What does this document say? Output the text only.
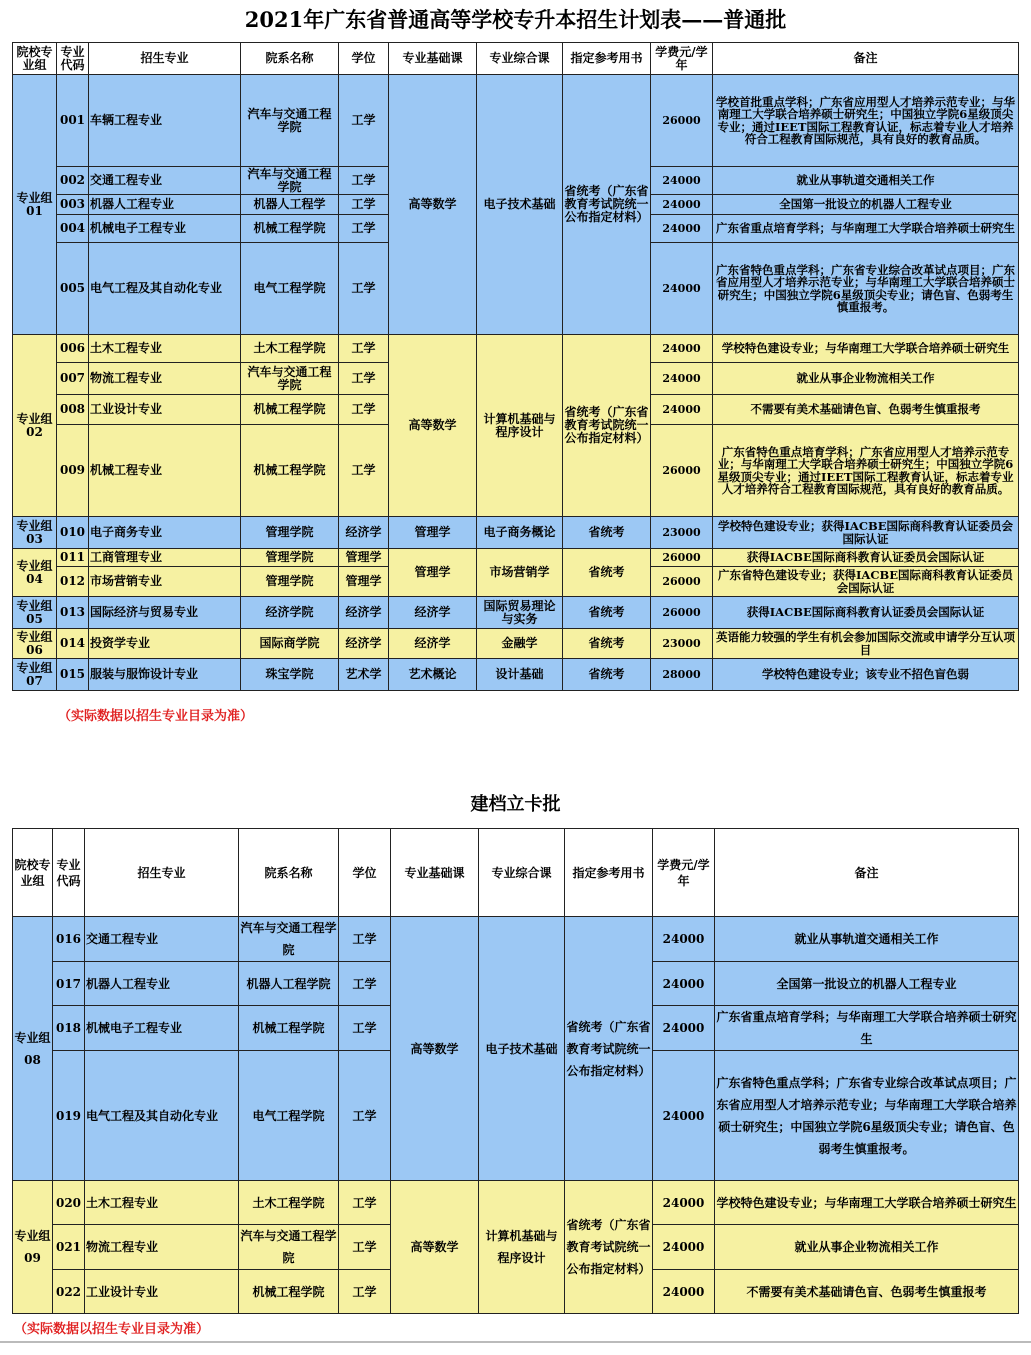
2021年广东省普通高等学校专升本招生计划表——普通批
院校专业组	专业代码	招生专业	院系名称	学位	专业基础课	专业综合课	指定参考用书	学费元/学年	备注
专业组01	001	车辆工程专业	汽车与交通工程学院	工学	高等数学	电子技术基础	省统考（广东省教育考试院统一公布指定材料）	26000	学校首批重点学科；广东省应用型人才培养示范专业；与华南理工大学联合培养硕士研究生；中国独立学院6星级顶尖专业；通过IEET国际工程教育认证，标志着专业人才培养符合工程教育国际规范，具有良好的教育品质。
	002	交通工程专业	汽车与交通工程学院	工学				24000	就业从事轨道交通相关工作
	003	机器人工程专业	机器人工程学	工学				24000	全国第一批设立的机器人工程专业
	004	机械电子工程专业	机械工程学院	工学				24000	广东省重点培育学科；与华南理工大学联合培养硕士研究生
	005	电气工程及其自动化专业	电气工程学院	工学				24000	广东省特色重点学科；广东省专业综合改革试点项目；广东省应用型人才培养示范专业；与华南理工大学联合培养硕士研究生；中国独立学院6星级顶尖专业；请色盲、色弱考生慎重报考。
专业组02	006	土木工程专业	土木工程学院	工学	高等数学	计算机基础与程序设计	省统考（广东省教育考试院统一公布指定材料）	24000	学校特色建设专业；与华南理工大学联合培养硕士研究生
	007	物流工程专业	汽车与交通工程学院	工学				24000	就业从事企业物流相关工作
	008	工业设计专业	机械工程学院	工学				24000	不需要有美术基础请色盲、色弱考生慎重报考
	009	机械工程专业	机械工程学院	工学				26000	广东省特色重点培育学科；广东省应用型人才培养示范专业；与华南理工大学联合培养硕士研究生；中国独立学院6星级顶尖专业；通过IEET国际工程教育认证，标志着专业人才培养符合工程教育国际规范，具有良好的教育品质。
专业组03	010	电子商务专业	管理学院	经济学	管理学	电子商务概论	省统考	23000	学校特色建设专业；获得IACBE国际商科教育认证委员会国际认证
专业组04	011	工商管理专业	管理学院	管理学	管理学	市场营销学	省统考	26000	获得IACBE国际商科教育认证委员会国际认证
	012	市场营销专业	管理学院	管理学				26000	广东省特色建设专业；获得IACBE国际商科教育认证委员会国际认证
专业组05	013	国际经济与贸易专业	经济学院	经济学	经济学	国际贸易理论与实务	省统考	26000	获得IACBE国际商科教育认证委员会国际认证
专业组06	014	投资学专业	国际商学院	经济学	经济学	金融学	省统考	23000	英语能力较强的学生有机会参加国际交流或申请学分互认项目
专业组07	015	服装与服饰设计专业	珠宝学院	艺术学	艺术概论	设计基础	省统考	28000	学校特色建设专业；该专业不招色盲色弱
（实际数据以招生专业目录为准）
建档立卡批
院校专业组	专业代码	招生专业	院系名称	学位	专业基础课	专业综合课	指定参考用书	学费元/学年	备注
专业组08	016	交通工程专业	汽车与交通工程学院	工学	高等数学	电子技术基础	省统考（广东省教育考试院统一公布指定材料）	24000	就业从事轨道交通相关工作
	017	机器人工程专业	机器人工程学院	工学				24000	全国第一批设立的机器人工程专业
	018	机械电子工程专业	机械工程学院	工学				24000	广东省重点培育学科；与华南理工大学联合培养硕士研究生
	019	电气工程及其自动化专业	电气工程学院	工学				24000	广东省特色重点学科；广东省专业综合改革试点项目；广东省应用型人才培养示范专业；与华南理工大学联合培养硕士研究生；中国独立学院6星级顶尖专业；请色盲、色弱考生慎重报考。
专业组09	020	土木工程专业	土木工程学院	工学	高等数学	计算机基础与程序设计	省统考（广东省教育考试院统一公布指定材料）	24000	学校特色建设专业；与华南理工大学联合培养硕士研究生
	021	物流工程专业	汽车与交通工程学院	工学				24000	就业从事企业物流相关工作
	022	工业设计专业	机械工程学院	工学				24000	不需要有美术基础请色盲、色弱考生慎重报考
（实际数据以招生专业目录为准）
